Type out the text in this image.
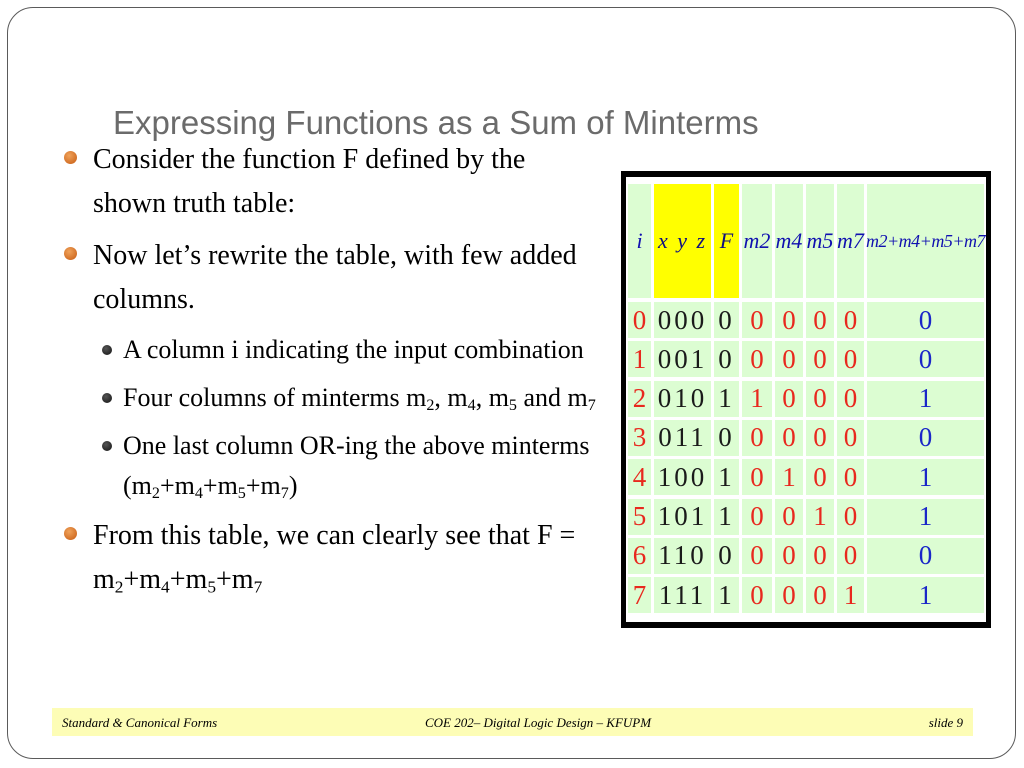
Expressing Functions as a Sum of Minterms
Consider the function F defined by the shown truth table:
Now let’s rewrite the table, with few added columns.
A column i indicating the input combination
Four columns of minterms $m_2$, $m_4$, $m_5$ and $m_7$
One last column OR-ing the above minterms $(m_2+m_4+m_5+m_7)$
From this table, we can clearly see that $F = m_2+m_4+m_5+m_7$
i x y z F m2 m4 m5 m7 m2+m4+m5+m7
0 000 0 0 0 0 0	0
1 001 0 0 0 0 0	0
2 010 1 1 0 0 0	1
3 011 0 0 0 0 0	0
4 100 1 0 1 0 0	1
5 101 1 0 0 1 0	1
6 110 0 0 0 0 0	0
7 111 1 0 0 0 1	1
Standard & Canonical Forms	COE 202– Digital Logic Design – KFUPM	slide 9
